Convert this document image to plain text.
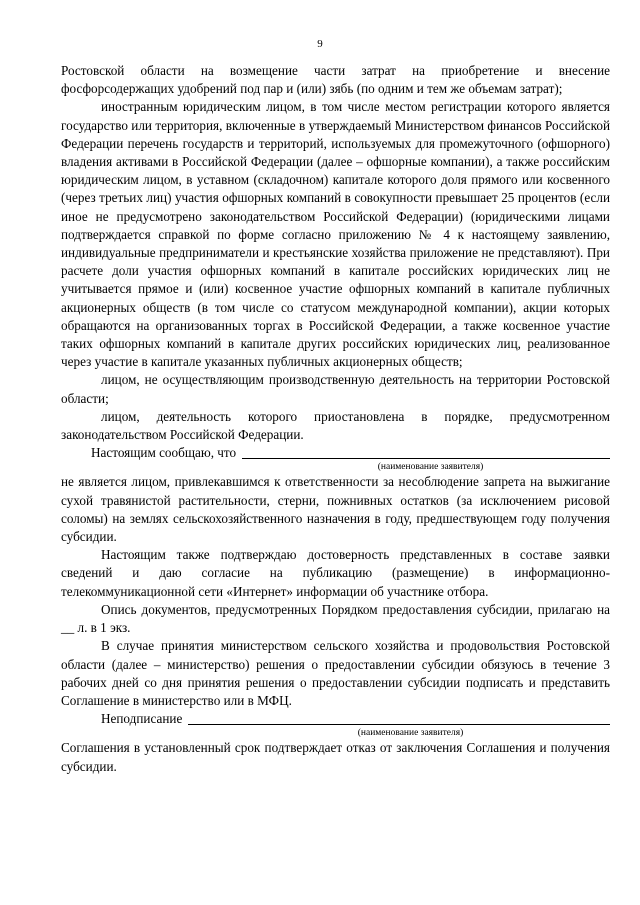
9

Ростовской области на возмещение части затрат на приобретение и внесение фосфорсодержащих удобрений под пар и (или) зябь (по одним и тем же объемам затрат);

иностранным юридическим лицом, в том числе местом регистрации которого является государство или территория, включенные в утверждаемый Министерством финансов Российской Федерации перечень государств и территорий, используемых для промежуточного (офшорного) владения активами в Российской Федерации (далее – офшорные компании), а также российским юридическим лицом, в уставном (складочном) капитале которого доля прямого или косвенного (через третьих лиц) участия офшорных компаний в совокупности превышает 25 процентов (если иное не предусмотрено законодательством Российской Федерации) (юридическими лицами подтверждается справкой по форме согласно приложению № 4 к настоящему заявлению, индивидуальные предприниматели и крестьянские хозяйства приложение не представляют). При расчете доли участия офшорных компаний в капитале российских юридических лиц не учитывается прямое и (или) косвенное участие офшорных компаний в капитале публичных акционерных обществ (в том числе со статусом международной компании), акции которых обращаются на организованных торгах в Российской Федерации, а также косвенное участие таких офшорных компаний в капитале других российских юридических лиц, реализованное через участие в капитале указанных публичных акционерных обществ;

лицом, не осуществляющим производственную деятельность на территории Ростовской области;

лицом, деятельность которого приостановлена в порядке, предусмотренном законодательством Российской Федерации.

Настоящим сообщаю, что
(наименование заявителя)

не является лицом, привлекавшимся к ответственности за несоблюдение запрета на выжигание сухой травянистой растительности, стерни, пожнивных остатков (за исключением рисовой соломы) на землях сельскохозяйственного назначения в году, предшествующем году получения субсидии.

Настоящим также подтверждаю достоверность представленных в составе заявки сведений и даю согласие на публикацию (размещение) в информационно-телекоммуникационной сети «Интернет» информации об участнике отбора.

Опись документов, предусмотренных Порядком предоставления субсидии, прилагаю на __ л. в 1 экз.

В случае принятия министерством сельского хозяйства и продовольствия Ростовской области (далее – министерство) решения о предоставлении субсидии обязуюсь в течение 3 рабочих дней со дня принятия решения о предоставлении субсидии подписать и представить Соглашение в министерство или в МФЦ.

Неподписание
(наименование заявителя)

Соглашения в установленный срок подтверждает отказ от заключения Соглашения и получения субсидии.
